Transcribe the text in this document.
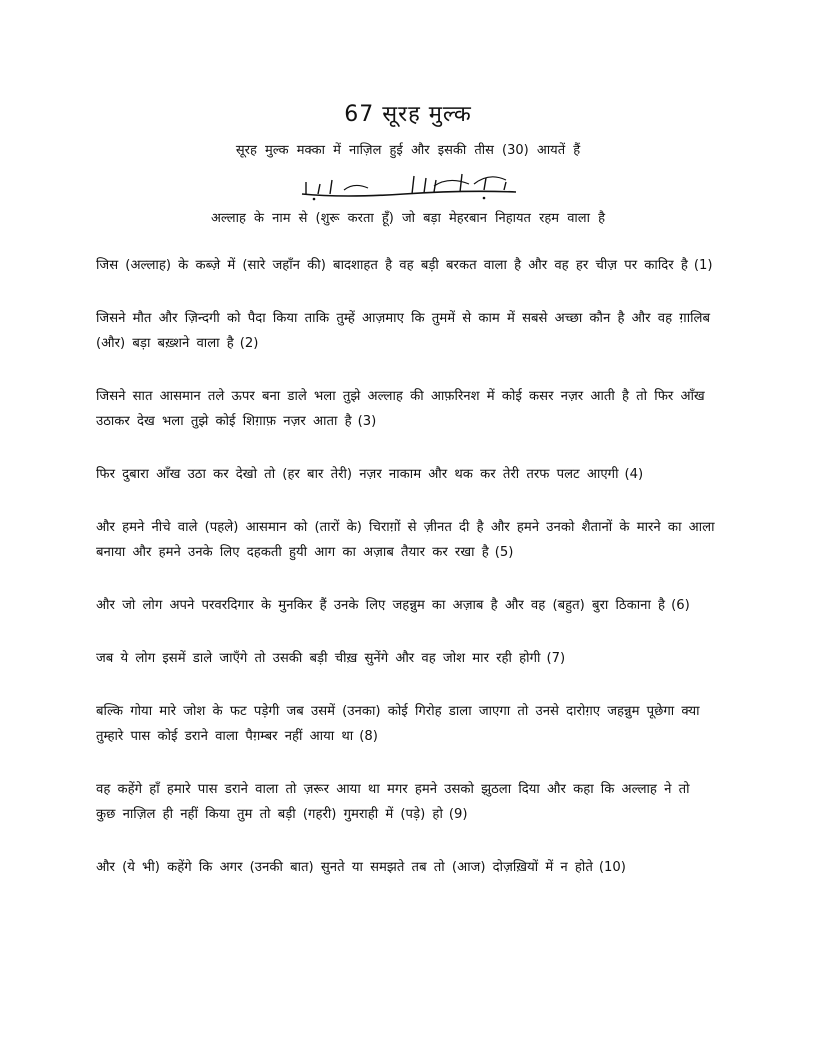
67 सूरह मुल्क
सूरह मुल्क मक्का में नाज़िल हुई और इसकी तीस (30) आयतें हैं
अल्लाह के नाम से (शुरू करता हूँ) जो बड़ा मेहरबान निहायत रहम वाला है

जिस (अल्लाह) के कब्ज़े में (सारे जहाँन की) बादशाहत है वह बड़ी बरकत वाला है और वह हर चीज़ पर कादिर है (1)

जिसने मौत और ज़िन्दगी को पैदा किया ताकि तुम्हें आज़माए कि तुममें से काम में सबसे अच्छा कौन है और वह ग़ालिब (और) बड़ा बख़्शने वाला है (2)

जिसने सात आसमान तले ऊपर बना डाले भला तुझे अल्लाह की आफ़रिनश में कोई कसर नज़र आती है तो फिर आँख उठाकर देख भला तुझे कोई शिग़ाफ़ नज़र आता है (3)

फिर दुबारा आँख उठा कर देखो तो (हर बार तेरी) नज़र नाकाम और थक कर तेरी तरफ पलट आएगी (4)

और हमने नीचे वाले (पहले) आसमान को (तारों के) चिराग़ों से ज़ीनत दी है और हमने उनको शैतानों के मारने का आला बनाया और हमने उनके लिए दहकती हुयी आग का अज़ाब तैयार कर रखा है (5)

और जो लोग अपने परवरदिगार के मुनकिर हैं उनके लिए जहन्नुम का अज़ाब है और वह (बहुत) बुरा ठिकाना है (6)

जब ये लोग इसमें डाले जाएँगे तो उसकी बड़ी चीख़ सुनेंगे और वह जोश मार रही होगी (7)

बल्कि गोया मारे जोश के फट पड़ेगी जब उसमें (उनका) कोई गिरोह डाला जाएगा तो उनसे दारोग़ए जहन्नुम पूछेगा क्या तुम्हारे पास कोई डराने वाला पैग़म्बर नहीं आया था (8)

वह कहेंगे हाँ हमारे पास डराने वाला तो ज़रूर आया था मगर हमने उसको झुठला दिया और कहा कि अल्लाह ने तो कुछ नाज़िल ही नहीं किया तुम तो बड़ी (गहरी) गुमराही में (पड़े) हो (9)

और (ये भी) कहेंगे कि अगर (उनकी बात) सुनते या समझते तब तो (आज) दोज़ख़ियों में न होते (10)
